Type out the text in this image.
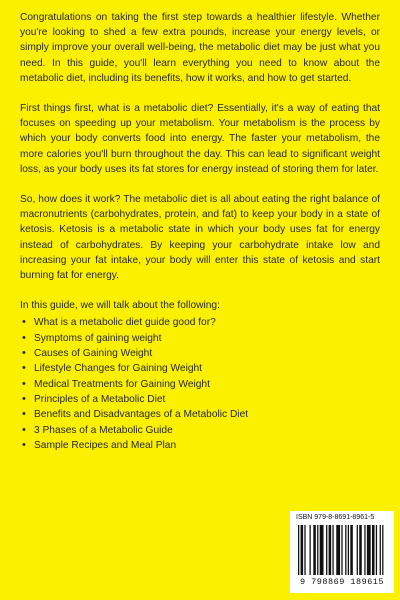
Congratulations on taking the first step towards a healthier lifestyle. Whether you're looking to shed a few extra pounds, increase your energy levels, or simply improve your overall well-being, the metabolic diet may be just what you need. In this guide, you'll learn everything you need to know about the metabolic diet, including its benefits, how it works, and how to get started.

First things first, what is a metabolic diet? Essentially, it's a way of eating that focuses on speeding up your metabolism. Your metabolism is the process by which your body converts food into energy. The faster your metabolism, the more calories you'll burn throughout the day. This can lead to significant weight loss, as your body uses its fat stores for energy instead of storing them for later.

So, how does it work? The metabolic diet is all about eating the right balance of macronutrients (carbohydrates, protein, and fat) to keep your body in a state of ketosis. Ketosis is a metabolic state in which your body uses fat for energy instead of carbohydrates. By keeping your carbohydrate intake low and increasing your fat intake, your body will enter this state of ketosis and start burning fat for energy.

In this guide, we will talk about the following:
• What is a metabolic diet guide good for?
• Symptoms of gaining weight
• Causes of Gaining Weight
• Lifestyle Changes for Gaining Weight
• Medical Treatments for Gaining Weight
• Principles of a Metabolic Diet
• Benefits and Disadvantages of a Metabolic Diet
• 3 Phases of a Metabolic Guide
• Sample Recipes and Meal Plan
ISBN 979-8-8691-8961-5
9 798869 189615
